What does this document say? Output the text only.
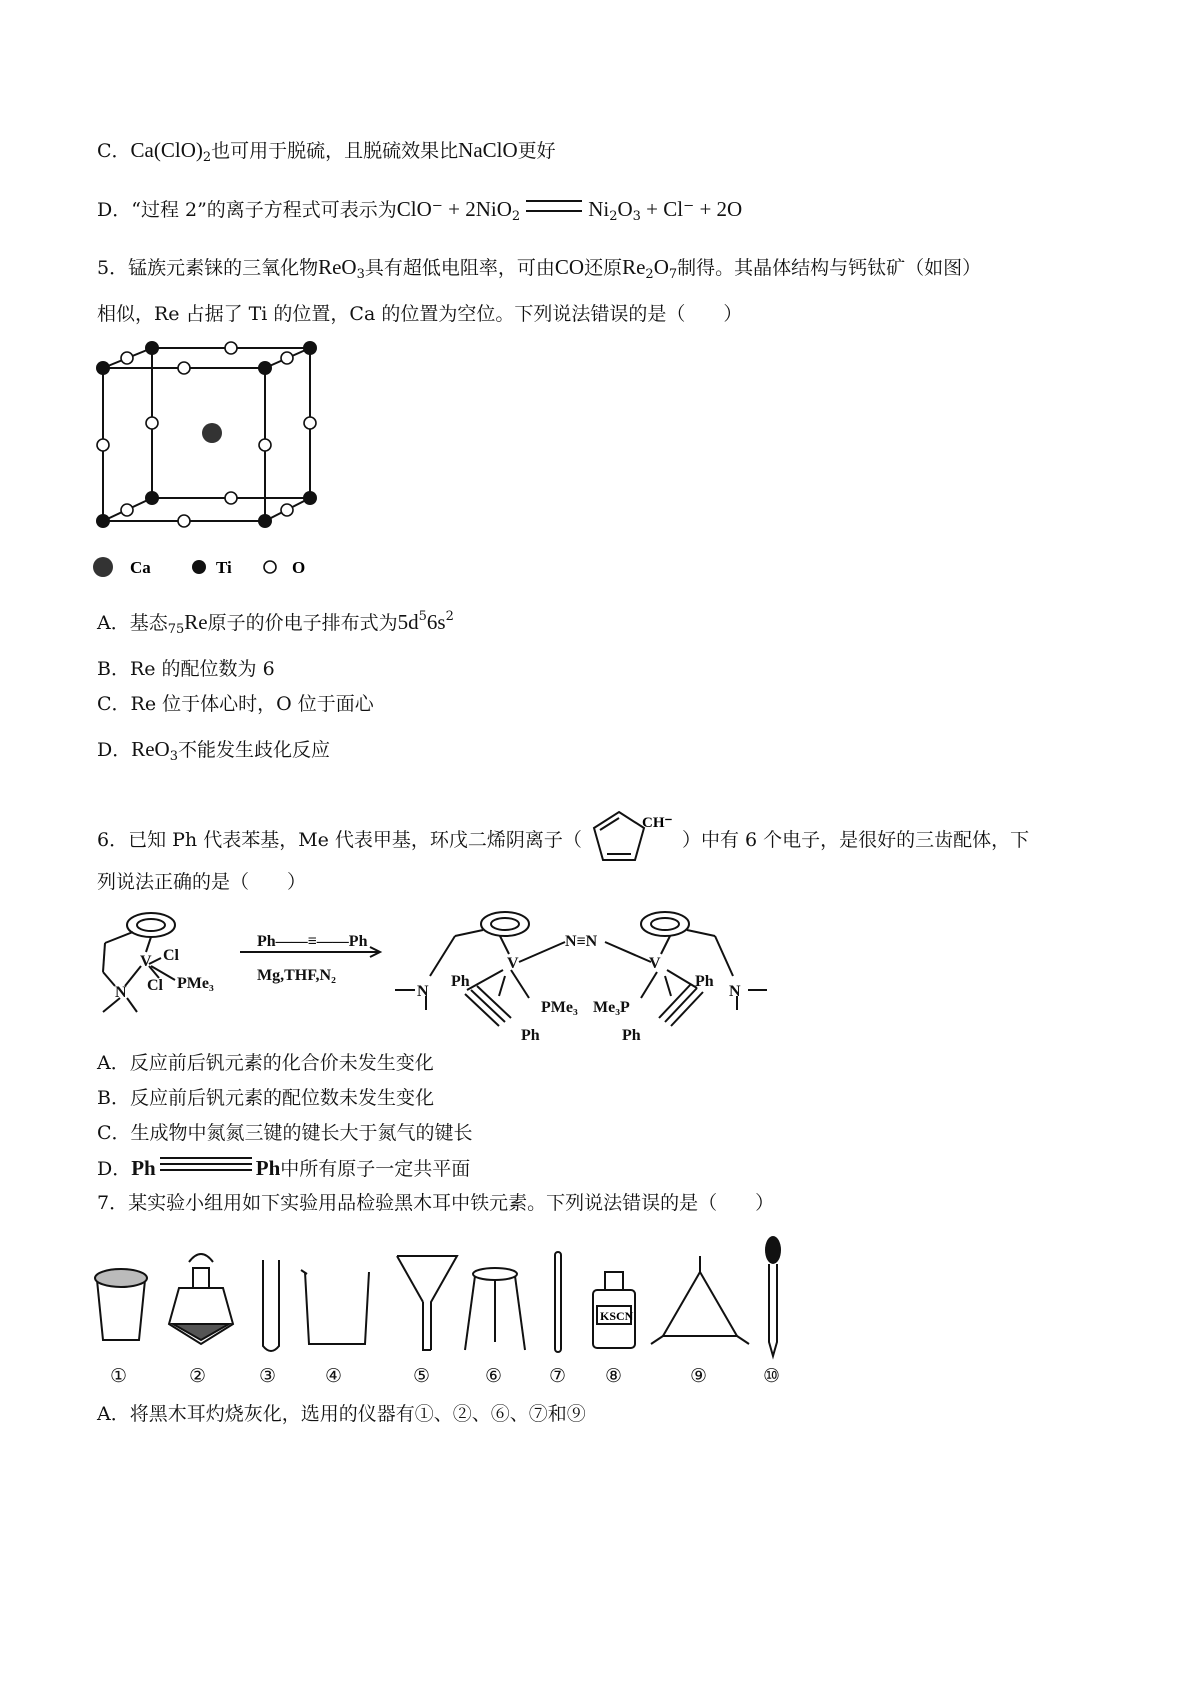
C．$Ca(ClO)_2$也可用于脱硫，且脱硫效果比NaClO更好
D．“过程 2”的离子方程式可表示为ClO⁻ + 2NiO$_2$	$Ni_2O_3 + Cl^- + 2O$
5．锰族元素铼的三氧化物ReO$_3$具有超低电阻率，可由CO还原$Re_2O_7$制得。其晶体结构与钙钛矿（如图）
相似，Re 占据了 Ti 的位置，Ca 的位置为空位。下列说法错误的是（　　）
Ca	Ti	O
A．基态$_{75}$Re原子的价电子排布式为$5d^56s^2$
B．Re 的配位数为 6
C．Re 位于体心时，O 位于面心
D．ReO$_3$不能发生歧化反应
6．已知 Ph 代表苯基，Me 代表甲基，环戊二烯阴离子（
CH⁻
）中有 6 个电子，是很好的三齿配体，下
列说法正确的是（　　）
V Cl
Cl PMe₃
N
Ph——≡——Ph
Mg,THF,N₂
N≡N
V	V
Ph
Ph
Ph
Ph
PMe₃ Me₃P
N	N
A．反应前后钒元素的化合价未发生变化
B．反应前后钒元素的配位数未发生变化
C．生成物中氮氮三键的键长大于氮气的键长
D．Ph	Ph中所有原子一定共平面
7．某实验小组用如下实验用品检验黑木耳中铁元素。下列说法错误的是（　　）
KSCN
①	②	③	④	⑤	⑥ ⑦ ⑧	⑨	⑩
A．将黑木耳灼烧灰化，选用的仪器有①、②、⑥、⑦和⑨
